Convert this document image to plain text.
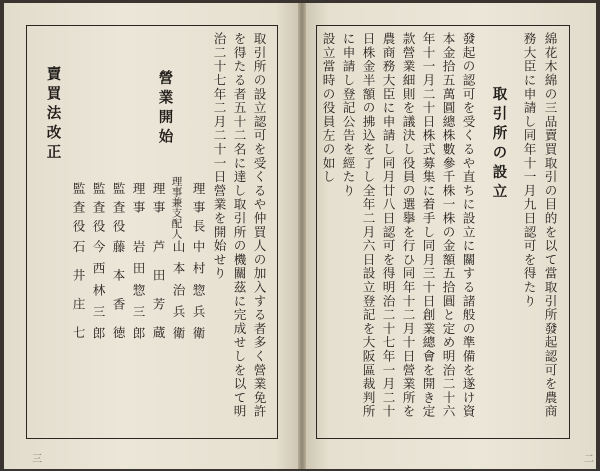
取引所の設立認可を受くるや仲買人の加入する者多く營業免許
を得たる者五十二名に達し取引所の機關茲に完成せしを以て明
治二十七年二月二十一日營業を開始せり
營業開始
賣買法改正
理事長
中村惣兵衛
理事兼支配人
山本治兵衛
理事
芦田芳蔵
理事
岩田惣三郎
監査役
藤本香徳
監査役
今西林三郎
監査役
石井庄七	綿花木綿の三品賣買取引の目的を以て當取引所發起認可を農商
務大臣に申請し同年十一月九日認可を得たり
取引所の設立
發起の認可を受くるや直ちに設立に關する諸般の準備を遂け資
本金拾五萬圓總株數參千株一株の金額五拾圓と定め明治二十六
年十一月二十日株式募集に着手し同月三十日創業總會を開き定
款營業細則を議決し役員の選擧を行ひ同年十二月十日營業所を
農商務大臣に申請し同月廿八日認可を得明治二十七年一月二十
日株金半額の拂込を了し全年二月六日設立登記を大阪區裁判所
に申請し登記公告を經たり
設立當時の役員左の如し
二
三
